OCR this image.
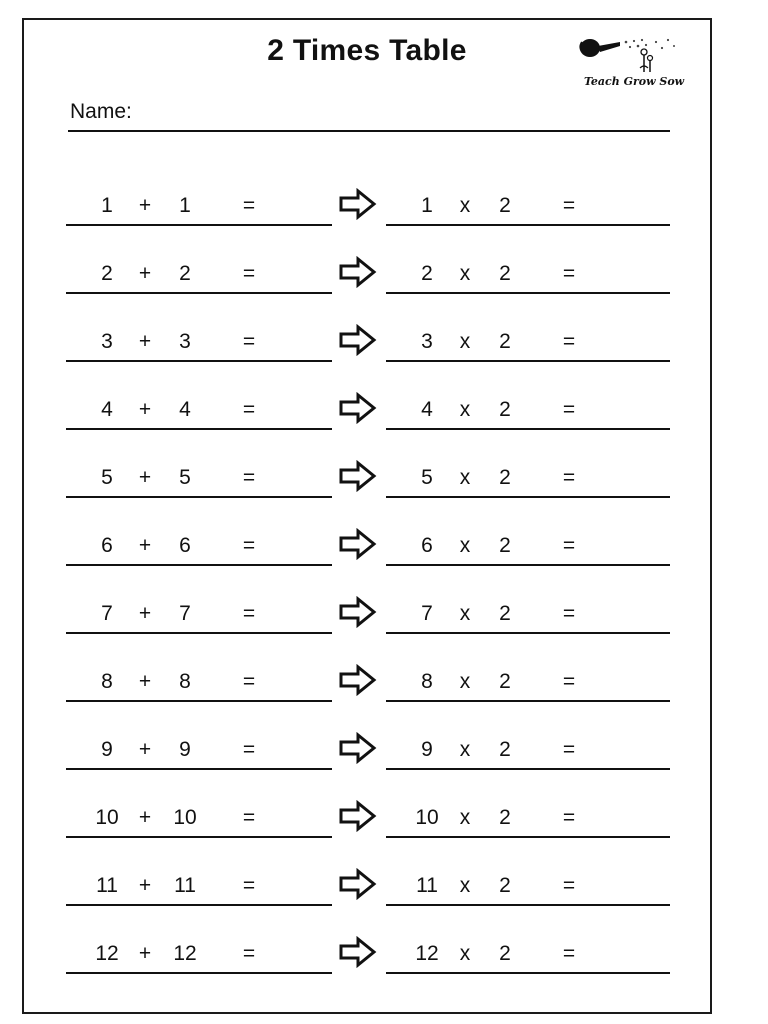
2 Times Table
Teach Grow Sow
Name:
1	+	1	=	1	x	2	=
2	+	2	=	2	x	2	=
3	+	3	=	3	x	2	=
4	+	4	=	4	x	2	=
5	+	5	=	5	x	2	=
6	+	6	=	6	x	2	=
7	+	7	=	7	x	2	=
8	+	8	=	8	x	2	=
9	+	9	=	9	x	2	=
10 +	10	=	10	x	2	=
11 +	11	=	11	x	2	=
12 +	12	=	12	x	2	=
